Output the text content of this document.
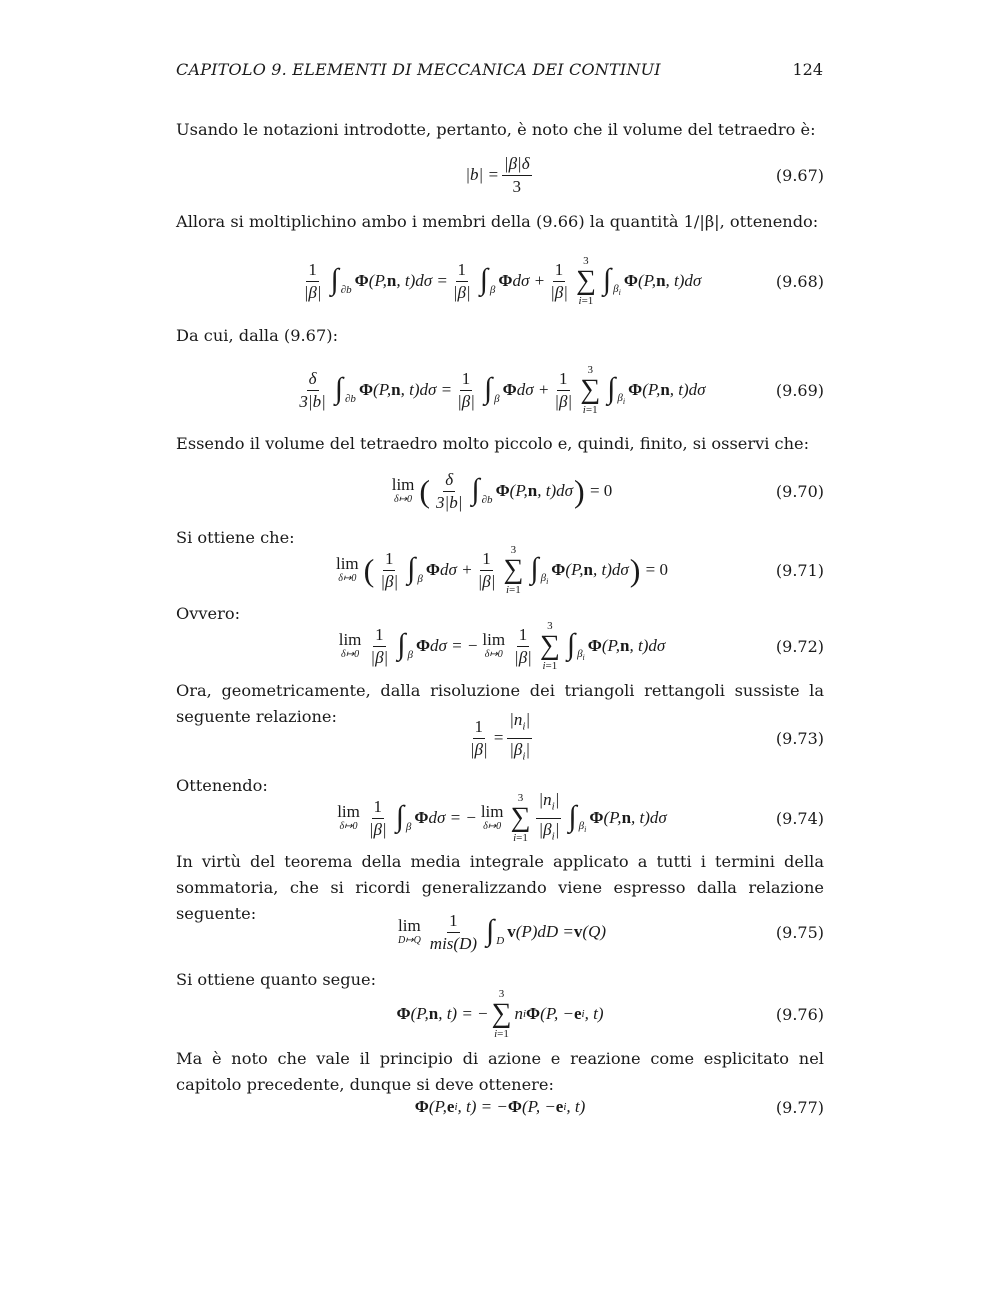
CAPITOLO 9. ELEMENTI DI MECCANICA DEI CONTINUI	124
Usando le notazioni introdotte, pertanto, è noto che il volume del tetraedro è:
$|b| = \frac{|\beta|\delta}{3}$	(9.67)
Allora si moltiplichino ambo i membri della (9.66) la quantità 1/|β|, ottenendo:
$\frac{1}{|\beta|}$ ∫ ∂b Φ (P, n , $t)d\sigma = \frac{1}{|\beta|}$ ∫ β Φ $d\sigma + \frac{1}{|\beta|} 3$
∑
i=1
∫ $\beta_i$
Φ (P, n , t)dσ	(9.68)
Da cui, dalla (9.67):
$\frac{\delta}{3|b|}$ ∫ ∂b Φ (P, n , $t)d\sigma = \frac{1}{|\beta|}$ ∫ β Φ $d\sigma + \frac{1}{|\beta|} 3$
∑
i=1
∫ $\beta_i$
Φ (P, n , t)dσ	(9.69)
Essendo il volume del tetraedro molto piccolo e, quindi, finito, si osservi che:
lim
δ↦0 ( $\frac{\delta}{3|b|}$ ∫ ∂b Φ (P, n , t)dσ ) = 0	(9.70)
Si ottiene che:
lim
δ↦0 ( $\frac{1}{|\beta|}$ ∫ β Φ $d\sigma + \frac{1}{|\beta|} 3$
∑
i=1
∫ $\beta_i$
Φ (P, n , t)dσ ) = 0	(9.71)
Ovvero:
lim
δ↦0 $\frac{1}{|\beta|}$ ∫ β Φ dσ = − lim
δ↦0 $\frac{1}{|\beta|} 3$
∑
i=1
∫ $\beta_i$
Φ (P, n , t)dσ	(9.72)
Ora, geometricamente, dalla risoluzione dei triangoli rettangoli sussiste la seguente relazione:	$\frac{1}{|\beta|} = \frac{|n_i|}{|\beta_i|}$	(9.73)
Ottenendo:
lim
δ↦0 $\frac{1}{|\beta|}$ ∫ β Φ dσ = − lim
δ↦0
3
∑
$i=1 \frac{|n_i|}{|\beta_i|}$ ∫ $\beta_i$
Φ (P, n , t)dσ	(9.74)
In virtù del teorema della media integrale applicato a tutti i termini della sommatoria, che si ricordi generalizzando viene espresso dalla relazione seguente:
lim
D↦Q $\frac{1}{\text{mis(D)}}$ ∫ D v (P)dD = v (Q)	(9.75)
Si ottiene quanto segue:
Φ (P, n , t) = −
3
∑
i=1
n i Φ (P, − e i , t)	(9.76)
Ma è noto che vale il principio di azione e reazione come esplicitato nel capitolo precedente, dunque si deve ottenere:
Φ (P, e i , t) = − Φ (P, − e i , t)	(9.77)
